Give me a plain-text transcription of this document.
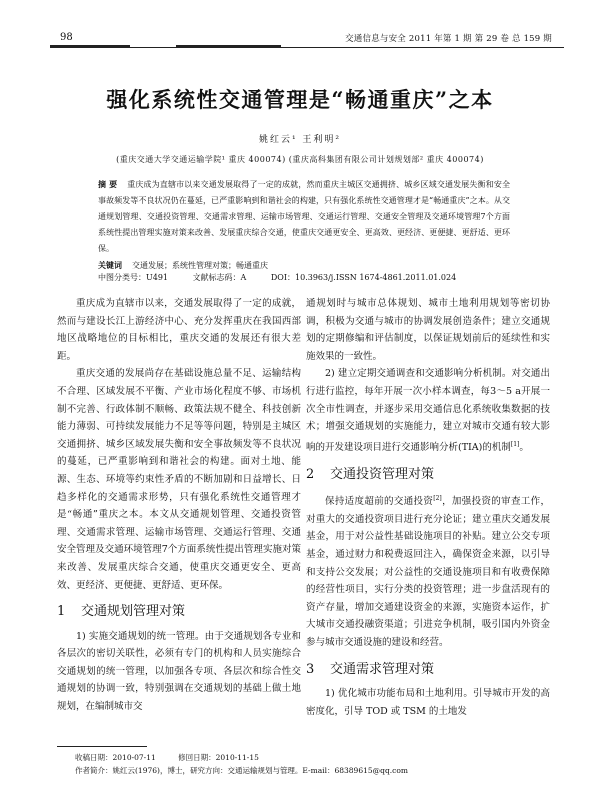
98	交通信息与安全 2011 年第 1 期 第 29 卷 总 159 期
强化系统性交通管理是“畅通重庆”之本
姚红云¹ 王利明²
(重庆交通大学交通运输学院¹ 重庆 400074) (重庆高科集团有限公司计划规划部² 重庆 400074)
摘 要 重庆成为直辖市以来交通发展取得了一定的成就，然而重庆主城区交通拥挤、城乡区域交通发展失衡和安全事故频发等不良状况仍在蔓延，已严重影响到和谐社会的构建，只有强化系统性交通管理才是“畅通重庆”之本。从交通规划管理、交通投资管理、交通需求管理、运输市场管理、交通运行管理、交通安全管理及交通环境管理7个方面系统性提出管理实施对策来改善、发展重庆综合交通，使重庆交通更安全、更高效、更经济、更便捷、更舒适、更环保。
关键词 交通发展；系统性管理对策；畅通重庆
中图分类号：U491	文献标志码：A	DOI：10.3963/j.ISSN 1674-4861.2011.01.024

重庆成为直辖市以来，交通发展取得了一定的成就，然而与建设长江上游经济中心、充分发挥重庆在我国西部地区战略地位的目标相比，重庆交通的发展还有很大差距。

重庆交通的发展尚存在基础设施总量不足、运输结构不合理、区域发展不平衡、产业市场化程度不够、市场机制不完善、行政体制不顺畅、政策法规不健全、科技创新能力薄弱、可持续发展能力不足等等问题，特别是主城区交通拥挤、城乡区域发展失衡和安全事故频发等不良状况的蔓延，已严重影响到和谐社会的构建。面对土地、能源、生态、环境等约束性矛盾的不断加剧和日益增长、日趋多样化的交通需求形势，只有强化系统性交通管理才是“畅通”重庆之本。本文从交通规划管理、交通投资管理、交通需求管理、运输市场管理、交通运行管理、交通安全管理及交通环境管理7个方面系统性提出管理实施对策来改善、发展重庆综合交通，使重庆交通更安全、更高效、更经济、更便捷、更舒适、更环保。

1 交通规划管理对策

1) 实施交通规划的统一管理。由于交通规划各专业和各层次的密切关联性，必须有专门的机构和人员实施综合交通规划的统一管理，以加强各专项、各层次和综合性交通规划的协调一致，特别强调在交通规划的基础上做土地规划，在编制城市交

通规划时与城市总体规划、城市土地利用规划等密切协调，积极为交通与城市的协调发展创造条件；建立交通规划的定期修编和评估制度，以保证规划前后的延续性和实施效果的一致性。

2) 建立定期交通调查和交通影响分析机制。对交通出行进行监控，每年开展一次小样本调查，每3～5 a开展一次全市性调查，并逐步采用交通信息化系统收集数据的技术；增强交通规划的实施能力，建立对城市交通有较大影响的开发建设项目进行交通影响分析(TIA)的机制[1]。

2 交通投资管理对策

保持适度超前的交通投资[2]，加强投资的审查工作，对重大的交通投资项目进行充分论证；建立重庆交通发展基金，用于对公益性基础设施项目的补贴。建立公交专项基金，通过财力和税费返回注入，确保资金来源，以引导和支持公交发展；对公益性的交通设施项目和有收费保障的经营性项目，实行分类的投资管理；进一步盘活现有的资产存量，增加交通建设资金的来源，实施资本运作，扩大城市交通投融资渠道；引进竞争机制，吸引国内外资金参与城市交通设施的建设和经营。

3 交通需求管理对策

1) 优化城市功能布局和土地利用。引导城市开发的高密度化，引导 TOD 或 TSM 的土地发

收稿日期：2010-07-11	修回日期：2010-11-15
作者简介：姚红云(1976)，博士，研究方向：交通运输规划与管理。E-mail：68389615@qq.com
